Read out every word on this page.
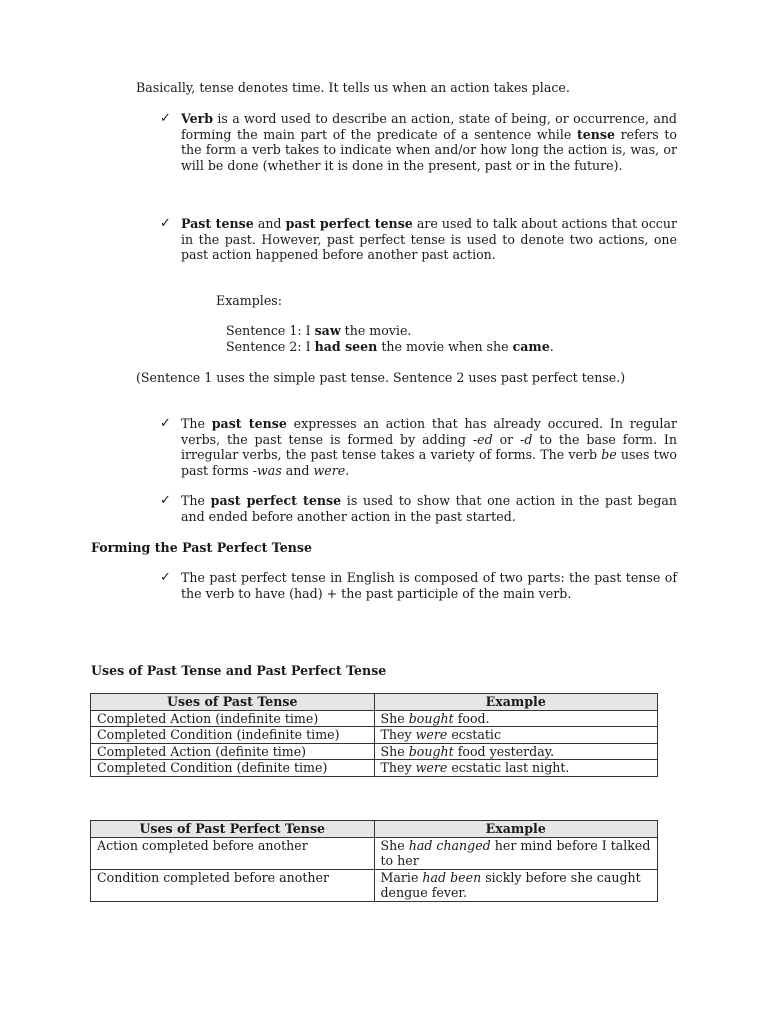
Basically, tense denotes time. It tells us when an action takes place.
✓ Verb is a word used to describe an action, state of being, or occurrence, and forming the main part of the predicate of a sentence while tense refers to the form a verb takes to indicate when and/or how long the action is, was, or will be done (whether it is done in the present, past or in the future).
✓ Past tense and past perfect tense are used to talk about actions that occur in the past. However, past perfect tense is used to denote two actions, one past action happened before another past action.
Examples:
Sentence 1: I saw the movie.
Sentence 2: I had seen the movie when she came.
(Sentence 1 uses the simple past tense. Sentence 2 uses past perfect tense.)
✓ The past tense expresses an action that has already occured. In regular verbs, the past tense is formed by adding -ed or -d to the base form. In irregular verbs, the past tense takes a variety of forms. The verb be uses two past forms -was and were.
✓ The past perfect tense is used to show that one action in the past began and ended before another action in the past started.
Forming the Past Perfect Tense
✓ The past perfect tense in English is composed of two parts: the past tense of the verb to have (had) + the past participle of the main verb.
Uses of Past Tense and Past Perfect Tense
Uses of Past Tense	Example
Completed Action (indefinite time)	She bought food.
Completed Condition (indefinite time)	They were ecstatic
Completed Action (definite time)	She bought food yesterday.
Completed Condition (definite time)	They were ecstatic last night.
Uses of Past Perfect Tense	Example
Action completed before another	She had changed her mind before I talked to her
Condition completed before another	Marie had been sickly before she caught dengue fever.
